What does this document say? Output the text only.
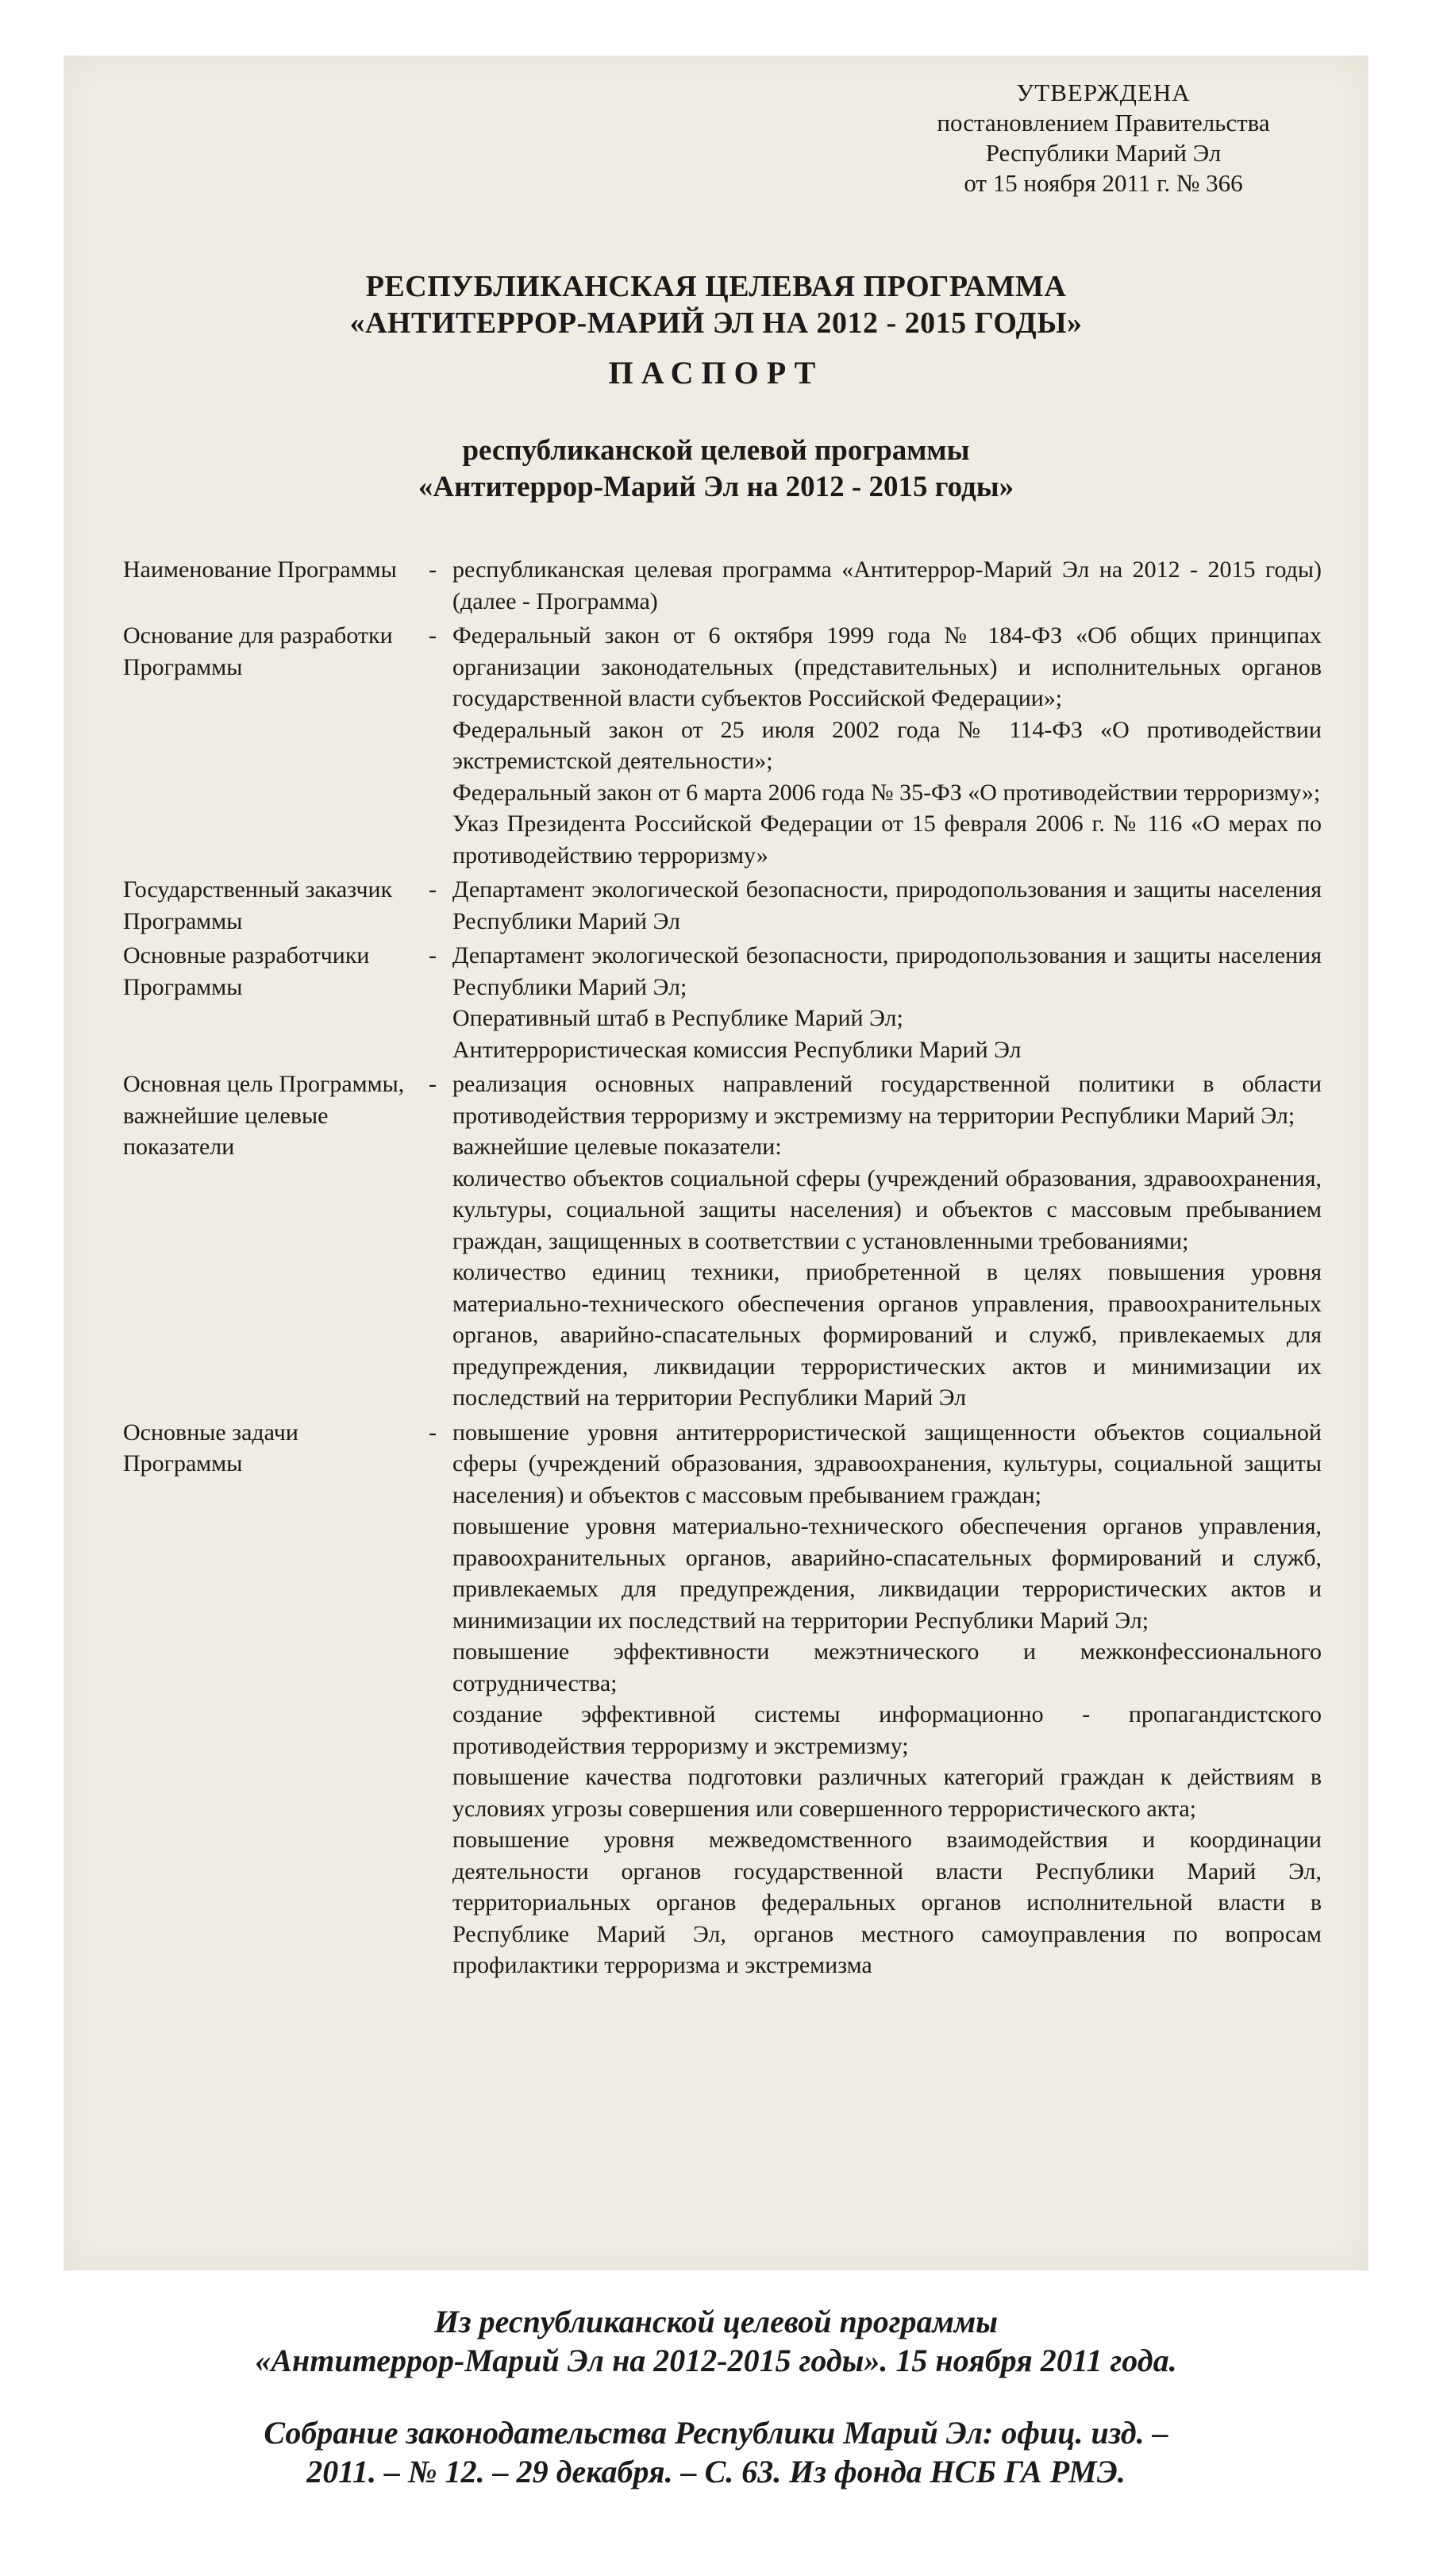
УТВЕРЖДЕНА
постановлением Правительства
Республики Марий Эл
от 15 ноября 2011 г. № 366
РЕСПУБЛИКАНСКАЯ ЦЕЛЕВАЯ ПРОГРАММА
«АНТИТЕРРОР-МАРИЙ ЭЛ НА 2012 - 2015 ГОДЫ»
ПАСПОРТ
республиканской целевой программы
«Антитеррор-Марий Эл на 2012 - 2015 годы»
Наименование Программы	- республиканская целевая программа «Антитеррор-Марий Эл на 2012 - 2015 годы) (далее - Программа)

Основание для разработки Программы
- Федеральный закон от 6 октября 1999 года № 184-ФЗ «Об общих принципах организации законодательных (представительных) и исполнительных органов государственной власти субъектов Российской Федерации»;

Федеральный закон от 25 июля 2002 года № 114-ФЗ «О противодействии экстремистской деятельности»;

Федеральный закон от 6 марта 2006 года № 35-ФЗ «О противодействии терроризму»;

Указ Президента Российской Федерации от 15 февраля 2006 г. № 116 «О мерах по противодействию терроризму»

Государственный заказчик Программы
- Департамент экологической безопасности, природопользования и защиты населения Республики Марий Эл

Основные разработчики Программы
- Департамент экологической безопасности, природопользования и защиты населения Республики Марий Эл;

Оперативный штаб в Республике Марий Эл;

Антитеррористическая комиссия Республики Марий Эл

Основная цель Программы, важнейшие целевые показатели
- реализация основных направлений государственной политики в области противодействия терроризму и экстремизму на территории Республики Марий Эл;

важнейшие целевые показатели:

количество объектов социальной сферы (учреждений образования, здравоохранения, культуры, социальной защиты населения) и объектов с массовым пребыванием граждан, защищенных в соответствии с установленными требованиями;

количество единиц техники, приобретенной в целях повышения уровня материально-технического обеспечения органов управления, правоохранительных органов, аварийно-спасательных формирований и служб, привлекаемых для предупреждения, ликвидации террористических актов и минимизации их последствий на территории Республики Марий Эл

Основные задачи Программы
- повышение уровня антитеррористической защищенности объектов социальной сферы (учреждений образования, здравоохранения, культуры, социальной защиты населения) и объектов с массовым пребыванием граждан;

повышение уровня материально-технического обеспечения органов управления, правоохранительных органов, аварийно-спасательных формирований и служб, привлекаемых для предупреждения, ликвидации террористических актов и минимизации их последствий на территории Республики Марий Эл;

повышение эффективности межэтнического и межконфессионального сотрудничества;

создание эффективной системы информационно - пропагандистского противодействия терроризму и экстремизму;

повышение качества подготовки различных категорий граждан к действиям в условиях угрозы совершения или совершенного террористического акта;

повышение уровня межведомственного взаимодействия и координации деятельности органов государственной власти Республики Марий Эл, территориальных органов федеральных органов исполнительной власти в Республике Марий Эл, органов местного самоуправления по вопросам профилактики терроризма и экстремизма

Из республиканской целевой программы
«Антитеррор-Марий Эл на 2012-2015 годы». 15 ноября 2011 года.
Собрание законодательства Республики Марий Эл: офиц. изд. –
2011. – № 12. – 29 декабря. – С. 63. Из фонда НСБ ГА РМЭ.
